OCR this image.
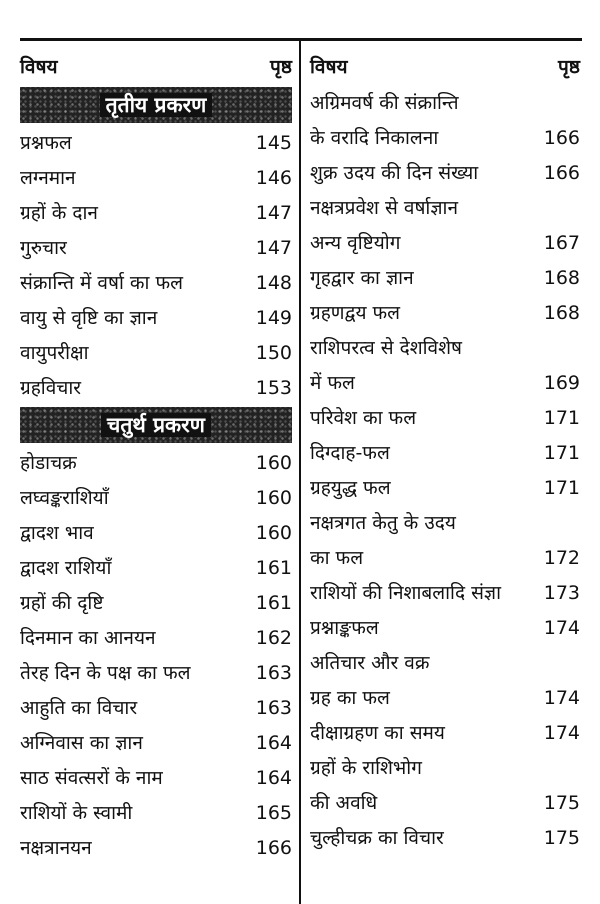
विषय	पृष्ठ
तृतीय प्रकरण
प्रश्नफल	145
लग्नमान	146
ग्रहों के दान	147
गुरुचार	147
संक्रान्ति में वर्षा का फल	148
वायु से वृष्टि का ज्ञान	149
वायुपरीक्षा	150
ग्रहविचार	153
चतुर्थ प्रकरण
होडाचक्र	160
लघ्वङ्कराशियाँ	160
द्वादश भाव	160
द्वादश राशियाँ	161
ग्रहों की दृष्टि	161
दिनमान का आनयन	162
तेरह दिन के पक्ष का फल	163
आहुति का विचार	163
अग्निवास का ज्ञान	164
साठ संवत्सरों के नाम	164
राशियों के स्वामी	165
नक्षत्रानयन	166
विषय	पृष्ठ
अग्रिमवर्ष की संक्रान्ति
के वरादि निकालना	166
शुक्र उदय की दिन संख्या	166
नक्षत्रप्रवेश से वर्षाज्ञान
अन्य वृष्टियोग	167
गृहद्वार का ज्ञान	168
ग्रहणद्वय फल	168
राशिपरत्व से देशविशेष
में फल	169
परिवेश का फल	171
दिग्दाह-फल	171
ग्रहयुद्ध फल	171
नक्षत्रगत केतु के उदय
का फल	172
राशियों की निशाबलादि संज्ञा 173
प्रश्नाङ्कफल	174
अतिचार और वक्र
ग्रह का फल	174
दीक्षाग्रहण का समय	174
ग्रहों के राशिभोग
की अवधि	175
चुल्हीचक्र का विचार	175
